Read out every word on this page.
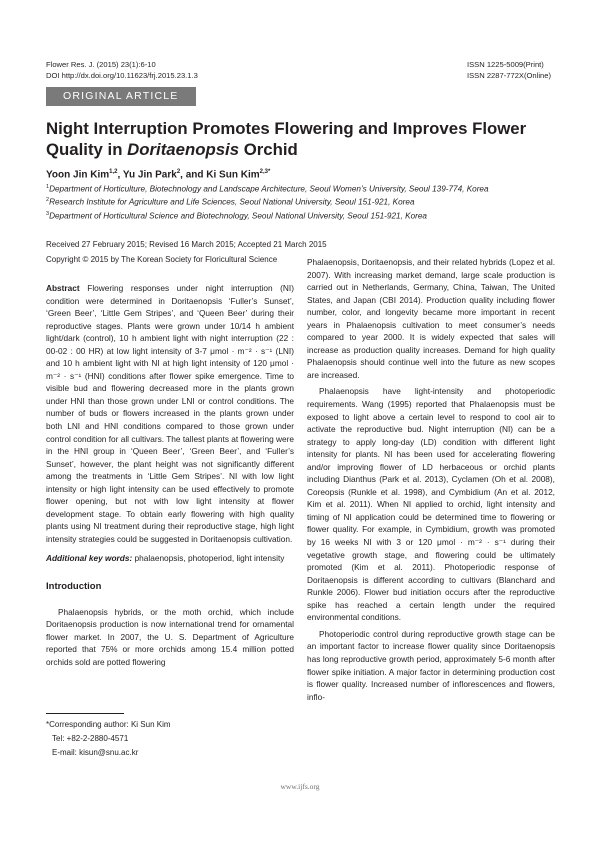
Flower Res. J. (2015) 23(1):6-10
DOI http://dx.doi.org/10.11623/frj.2015.23.1.3
ISSN 1225-5009(Print)
ISSN 2287-772X(Online)
ORIGINAL ARTICLE
Night Interruption Promotes Flowering and Improves Flower Quality in Doritaenopsis Orchid
Yoon Jin Kim$^{1,2}$, Yu Jin Park$^2$, and Ki Sun Kim$^{2,3*}$
$^1$Department of Horticulture, Biotechnology and Landscape Architecture, Seoul Women’s University, Seoul 139-774, Korea
$^2$Research Institute for Agriculture and Life Sciences, Seoul National University, Seoul 151-921, Korea
$^3$Department of Horticultural Science and Biotechnology, Seoul National University, Seoul 151-921, Korea
Received 27 February 2015; Revised 16 March 2015; Accepted 21 March 2015
Copyright © 2015 by The Korean Society for Floricultural Science

Abstract Flowering responses under night interruption (NI) condition were determined in Doritaenopsis ‘Fuller’s Sunset’, ‘Green Beer’, ‘Little Gem Stripes’, and ‘Queen Beer’ during their reproductive stages. Plants were grown under 10/14 h ambient light/dark (control), 10 h ambient light with night interruption (22 : 00-02 : 00 HR) at low light intensity of 3-7 μmol · m⁻² · s⁻¹ (LNI) and 10 h ambient light with NI at high light intensity of 120 μmol · m⁻² · s⁻¹ (HNI) conditions after flower spike emergence. Time to visible bud and flowering decreased more in the plants grown under HNI than those grown under LNI or control conditions. The number of buds or flowers increased in the plants grown under both LNI and HNI conditions compared to those grown under control condition for all cultivars. The tallest plants at flowering were in the HNI group in ‘Queen Beer’, ‘Green Beer’, and ‘Fuller’s Sunset’, however, the plant height was not significantly different among the treatments in ‘Little Gem Stripes’. NI with low light intensity or high light intensity can be used effectively to promote flower opening, but not with low light intensity at flower development stage. To obtain early flowering with high quality plants using NI treatment during their reproductive stage, high light intensity strategies could be suggested in Doritaenopsis cultivation.

Additional key words: phalaenopsis, photoperiod, light intensity

Introduction

Phalaenopsis hybrids, or the moth orchid, which include Doritaenopsis production is now international trend for ornamental flower market. In 2007, the U. S. Department of Agriculture reported that 75% or more orchids among 15.4 million potted orchids sold are potted flowering

Phalaenopsis, Doritaenopsis, and their related hybrids (Lopez et al. 2007). With increasing market demand, large scale production is carried out in Netherlands, Germany, China, Taiwan, The United States, and Japan (CBI 2014). Production quality including flower number, color, and longevity became more important in recent years in Phalaenopsis cultivation to meet consumer’s needs compared to year 2000. It is widely expected that sales will increase as production quality increases. Demand for high quality Phalaenopsis should continue well into the future as new scopes are increased.

Phalaenopsis have light-intensity and photoperiodic requirements. Wang (1995) reported that Phalaenopsis must be exposed to light above a certain level to respond to cool air to activate the reproductive bud. Night interruption (NI) can be a strategy to apply long-day (LD) condition with different light intensity for plants. NI has been used for accelerating flowering and/or improving flower of LD herbaceous or orchid plants including Dianthus (Park et al. 2013), Cyclamen (Oh et al. 2008), Coreopsis (Runkle et al. 1998), and Cymbidium (An et al. 2012, Kim et al. 2011). When NI applied to orchid, light intensity and timing of NI application could be determined time to flowering or flower quality. For example, in Cymbidium, growth was promoted by 16 weeks NI with 3 or 120 μmol · m⁻² · s⁻¹ during their vegetative growth stage, and flowering could be ultimately promoted (Kim et al. 2011). Photoperiodic response of Doritaenopsis is different according to cultivars (Blanchard and Runkle 2006). Flower bud initiation occurs after the reproductive spike has reached a certain length under the required environmental conditions.

Photoperiodic control during reproductive growth stage can be an important factor to increase flower quality since Doritaenopsis has long reproductive growth period, approximately 5-6 month after flower spike initiation. A major factor in determining production cost is flower quality. Increased number of inflorescences and flowers, inflo-

*Corresponding author: Ki Sun Kim
Tel: +82-2-2880-4571
E-mail: kisun@snu.ac.kr
www.ijfs.org
